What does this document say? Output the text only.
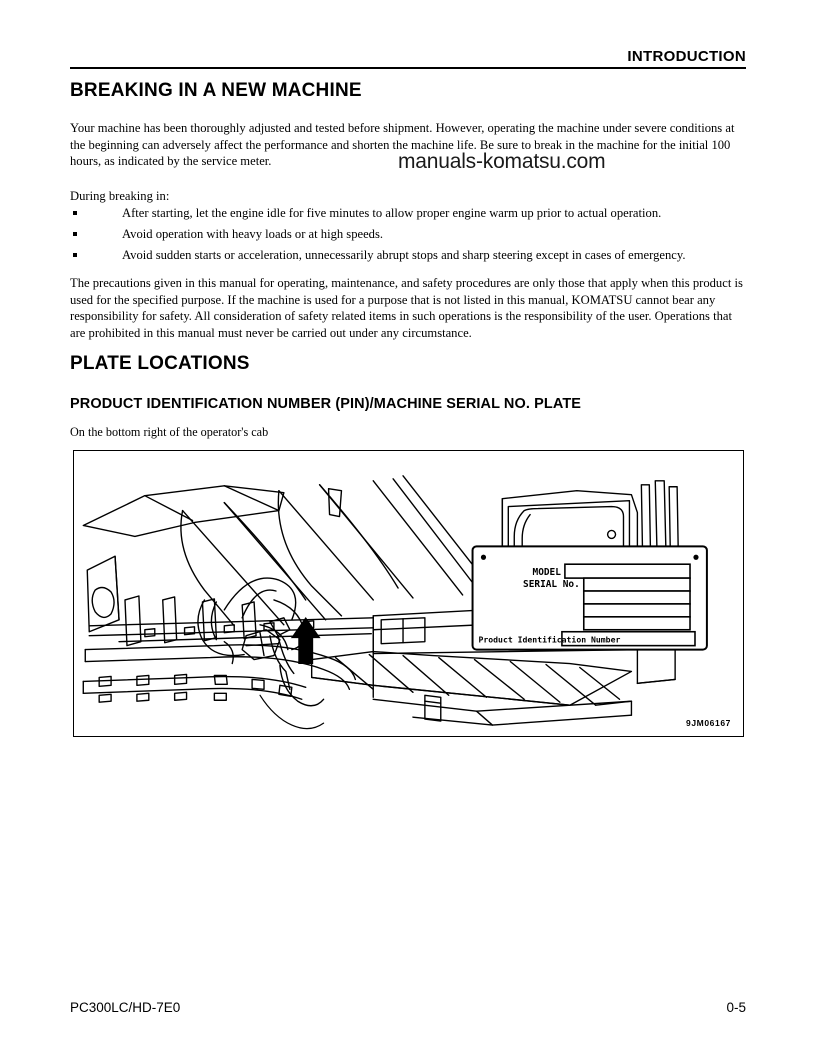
INTRODUCTION
BREAKING IN A NEW MACHINE
Your machine has been thoroughly adjusted and tested before shipment. However, operating the machine under severe conditions at the beginning can adversely affect the performance and shorten the machine life. Be sure to break in the machine for the initial 100 hours, as indicated by the service meter.	manuals-komatsu.com
During breaking in:
After starting, let the engine idle for five minutes to allow proper engine warm up prior to actual operation.
Avoid operation with heavy loads or at high speeds.
Avoid sudden starts or acceleration, unnecessarily abrupt stops and sharp steering except in cases of emergency.
The precautions given in this manual for operating, maintenance, and safety procedures are only those that apply when this product is used for the specified purpose. If the machine is used for a purpose that is not listed in this manual, KOMATSU cannot bear any responsibility for safety. All consideration of safety related items in such operations is the responsibility of the user. Operations that are prohibited in this manual must never be carried out under any circumstance.
PLATE LOCATIONS
PRODUCT IDENTIFICATION NUMBER (PIN)/MACHINE SERIAL NO. PLATE
On the bottom right of the operator's cab
MODEL
SERIAL No.
Product Identification Number
9JM06167
PC300LC/HD-7E0	0-5
